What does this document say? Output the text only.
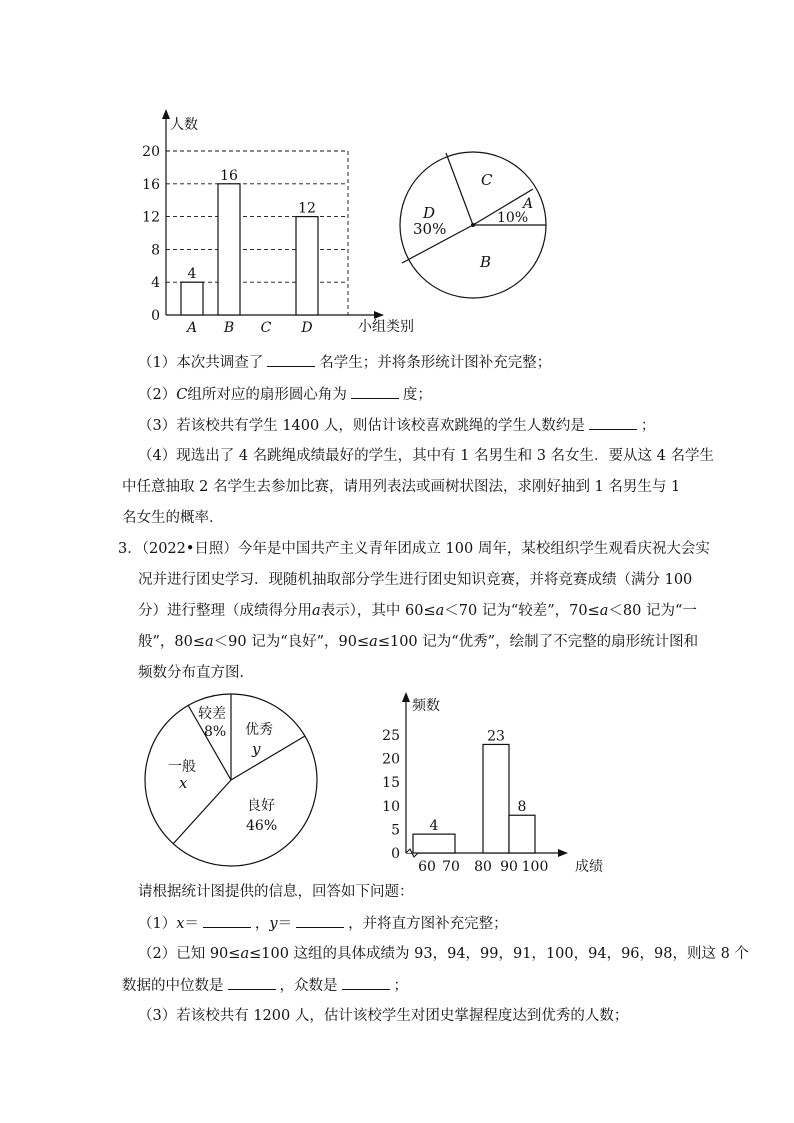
0
4
8
12
16
20
A
4
B
16
C D
12
人数
小组类别
C
A
10%
B
D
30%
（1）本次共调查了	名学生；并将条形统计图补充完整；
（2）C组所对应的扇形圆心角为	度；
（3）若该校共有学生 1400 人，则估计该校喜欢跳绳的学生人数约是	；
（4）现选出了 4 名跳绳成绩最好的学生，其中有 1 名男生和 3 名女生．要从这 4 名学生
中任意抽取 2 名学生去参加比赛，请用列表法或画树状图法，求刚好抽到 1 名男生与 1
名女生的概率．
3．（2022•日照）今年是中国共产主义青年团成立 100 周年，某校组织学生观看庆祝大会实
况并进行团史学习．现随机抽取部分学生进行团史知识竞赛，并将竞赛成绩（满分 100
分）进行整理（成绩得分用a表示），其中 60≤a＜70 记为“较差”，70≤a＜80 记为“一
般”，80≤a＜90 记为“良好”，90≤a≤100 记为“优秀”，绘制了不完整的扇形统计图和
频数分布直方图．
较差
8% 优秀
y
良好
46%
一般
x
0
5
10
15
20
25
60 70 80 90 100
4
23
8
频数
成绩
请根据统计图提供的信息，回答如下问题：
（1）x＝	，y＝	，并将直方图补充完整；
（2）已知 90≤a≤100 这组的具体成绩为 93，94，99，91，100，94，96，98，则这 8 个
数据的中位数是	，众数是	；
（3）若该校共有 1200 人，估计该校学生对团史掌握程度达到优秀的人数；
